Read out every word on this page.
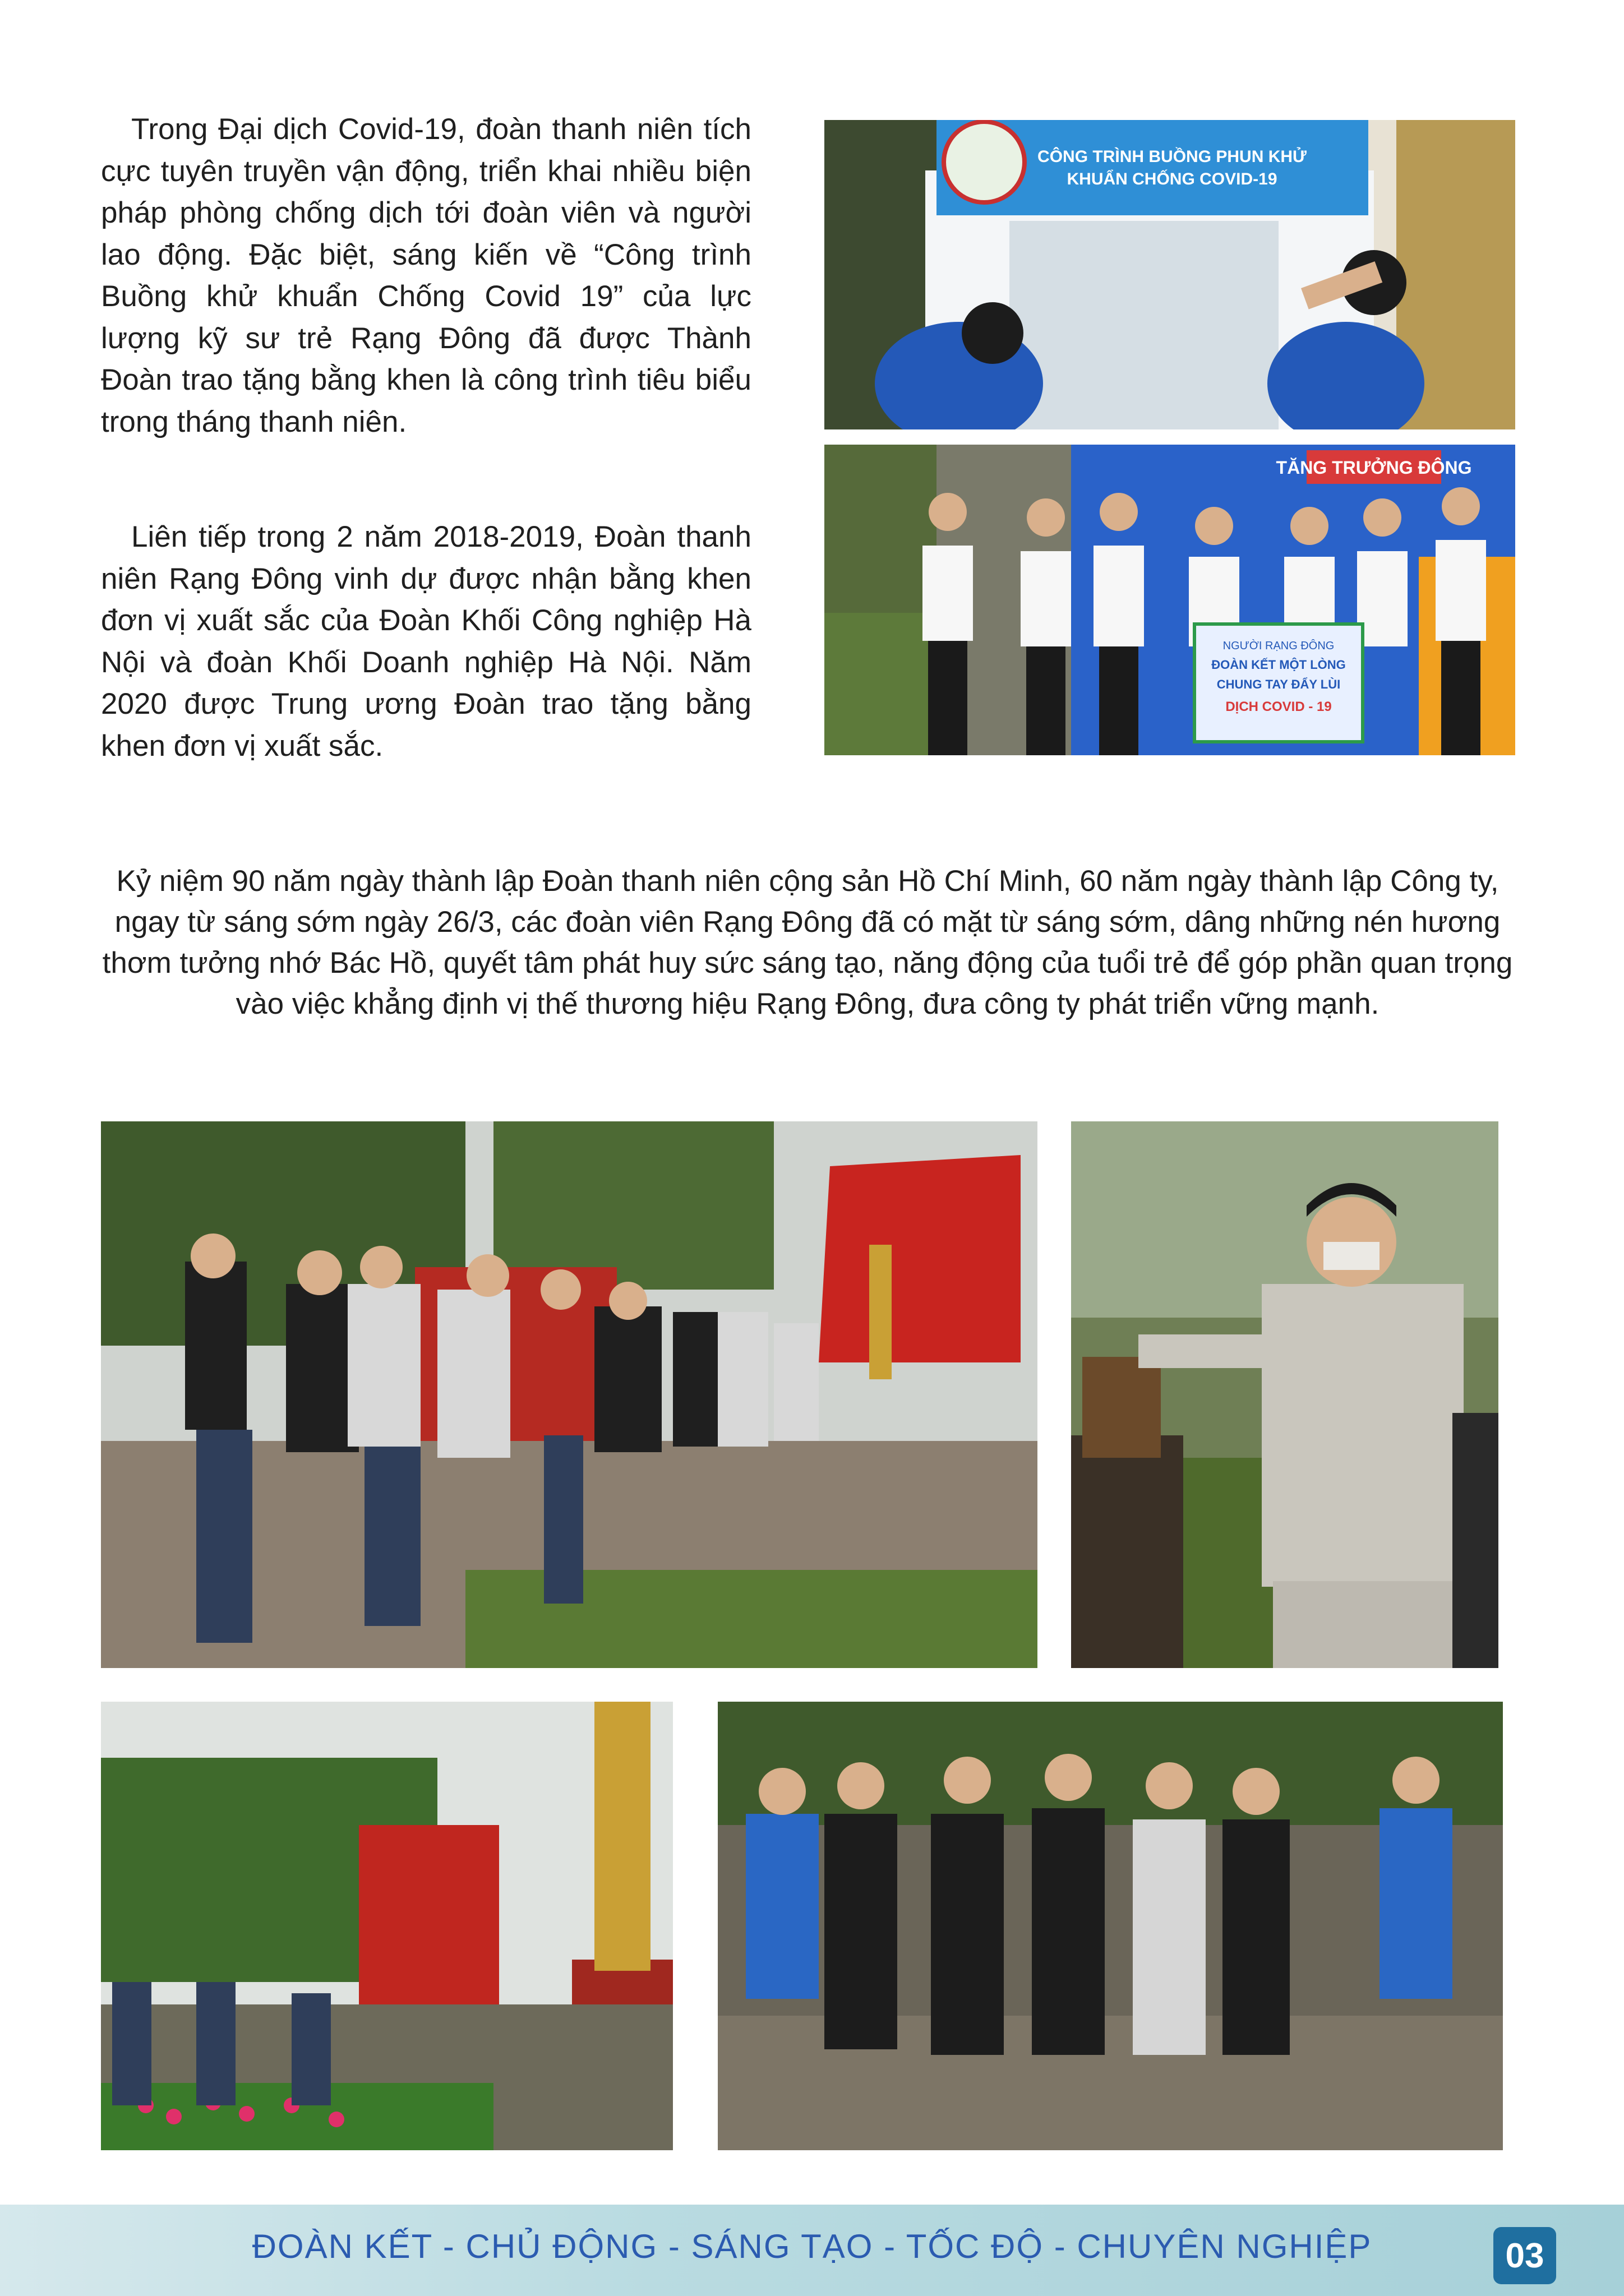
Trong Đại dịch Covid-19, đoàn thanh niên tích cực tuyên truyền vận động, triển khai nhiều biện pháp phòng chống dịch tới đoàn viên và người lao động. Đặc biệt, sáng kiến về “Công trình Buồng khử khuẩn Chống Covid 19” của lực lượng kỹ sư trẻ Rạng Đông đã được Thành Đoàn trao tặng bằng khen là công trình tiêu biểu trong tháng thanh niên.

Liên tiếp trong 2 năm 2018-2019, Đoàn thanh niên Rạng Đông vinh dự được nhận bằng khen đơn vị xuất sắc của Đoàn Khối Công nghiệp Hà Nội và đoàn Khối Doanh nghiệp Hà Nội. Năm 2020 được Trung ương Đoàn trao tặng bằng khen đơn vị xuất sắc.

CÔNG TRÌNH BUỒNG PHUN KHỬ
KHUẨN CHỐNG COVID-19
TĂNG TRƯỞNG ĐÔNG
NGƯỜI RẠNG ĐÔNG
ĐOÀN KẾT MỘT LÒNG
CHUNG TAY ĐẨY LÙI
DỊCH COVID - 19

Kỷ niệm 90 năm ngày thành lập Đoàn thanh niên cộng sản Hồ Chí Minh, 60 năm ngày thành lập Công ty, ngay từ sáng sớm ngày 26/3, các đoàn viên Rạng Đông đã có mặt từ sáng sớm, dâng những nén hương thơm tưởng nhớ Bác Hồ, quyết tâm phát huy sức sáng tạo, năng động của tuổi trẻ để góp phần quan trọng vào việc khẳng định vị thế thương hiệu Rạng Đông, đưa công ty phát triển vững mạnh.

ĐOÀN KẾT - CHỦ ĐỘNG - SÁNG TẠO - TỐC ĐỘ - CHUYÊN NGHIỆP	03
